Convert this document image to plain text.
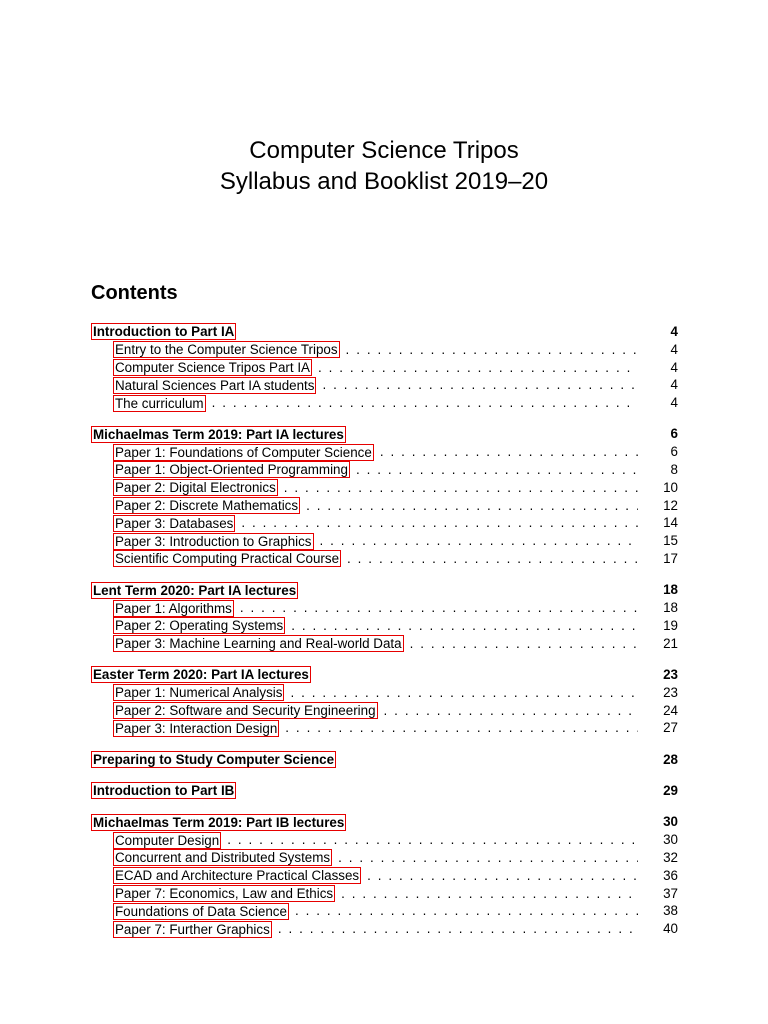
Computer Science Tripos
Syllabus and Booklist 2019–20
Contents
Introduction to Part IA	4
Entry to the Computer Science Tripos . . .	4
Computer Science Tripos Part IA . . .	4
Natural Sciences Part IA students . . .	4
The curriculum . . .	4
Michaelmas Term 2019: Part IA lectures	6
Paper 1: Foundations of Computer Science . . .	6
Paper 1: Object-Oriented Programming . . .	8
Paper 2: Digital Electronics . . .	10
Paper 2: Discrete Mathematics . . .	12
Paper 3: Databases . . .	14
Paper 3: Introduction to Graphics . . .	15
Scientific Computing Practical Course . . .	17
Lent Term 2020: Part IA lectures	18
Paper 1: Algorithms . . .	18
Paper 2: Operating Systems . . .	19
Paper 3: Machine Learning and Real-world Data . . .	21
Easter Term 2020: Part IA lectures	23
Paper 1: Numerical Analysis . . .	23
Paper 2: Software and Security Engineering . . .	24
Paper 3: Interaction Design . . .	27
Preparing to Study Computer Science	28
Introduction to Part IB	29
Michaelmas Term 2019: Part IB lectures	30
Computer Design . . .	30
Concurrent and Distributed Systems . . .	32
ECAD and Architecture Practical Classes . . .	36
Paper 7: Economics, Law and Ethics . . .	37
Foundations of Data Science . . .	38
Paper 7: Further Graphics . . .	40
